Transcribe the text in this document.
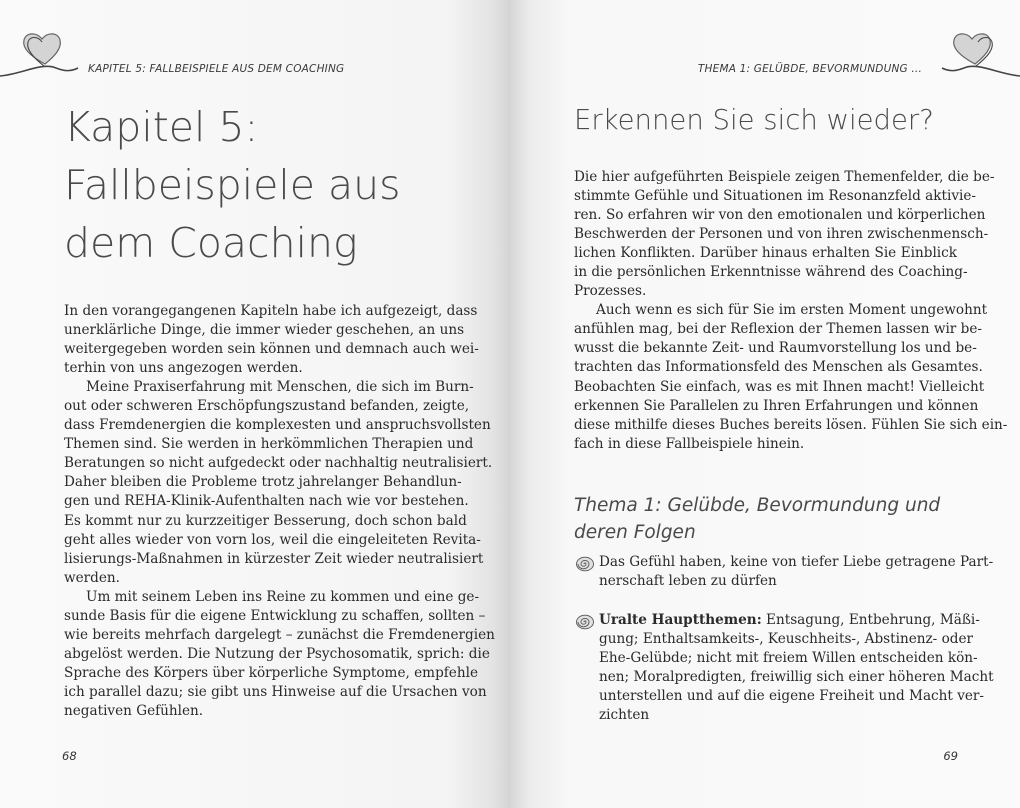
KAPITEL 5: FALLBEISPIELE AUS DEM COACHING
Kapitel 5:
Fallbeispiele aus
dem Coaching
In den vorangegangenen Kapiteln habe ich aufgezeigt, dass
unerklärliche Dinge, die immer wieder geschehen, an uns
weitergegeben worden sein können und demnach auch wei-
terhin von uns angezogen werden.
Meine Praxiserfahrung mit Menschen, die sich im Burn-
out oder schweren Erschöpfungszustand befanden, zeigte,
dass Fremdenergien die komplexesten und anspruchsvollsten
Themen sind. Sie werden in herkömmlichen Therapien und
Beratungen so nicht aufgedeckt oder nachhaltig neutralisiert.
Daher bleiben die Probleme trotz jahrelanger Behandlun-
gen und REHA-Klinik-Aufenthalten nach wie vor bestehen.
Es kommt nur zu kurzzeitiger Besserung, doch schon bald
geht alles wieder von vorn los, weil die eingeleiteten Revita-
lisierungs-Maßnahmen in kürzester Zeit wieder neutralisiert
werden.
Um mit seinem Leben ins Reine zu kommen und eine ge-
sunde Basis für die eigene Entwicklung zu schaffen, sollten –
wie bereits mehrfach dargelegt – zunächst die Fremdenergien
abgelöst werden. Die Nutzung der Psychosomatik, sprich: die
Sprache des Körpers über körperliche Symptome, empfehle
ich parallel dazu; sie gibt uns Hinweise auf die Ursachen von
negativen Gefühlen.
68
THEMA 1: GELÜBDE, BEVORMUNDUNG ...
Erkennen Sie sich wieder?
Die hier aufgeführten Beispiele zeigen Themenfelder, die be-
stimmte Gefühle und Situationen im Resonanzfeld aktivie-
ren. So erfahren wir von den emotionalen und körperlichen
Beschwerden der Personen und von ihren zwischenmensch-
lichen Konflikten. Darüber hinaus erhalten Sie Einblick
in die persönlichen Erkenntnisse während des Coaching-
Prozesses.
Auch wenn es sich für Sie im ersten Moment ungewohnt
anfühlen mag, bei der Reflexion der Themen lassen wir be-
wusst die bekannte Zeit- und Raumvorstellung los und be-
trachten das Informationsfeld des Menschen als Gesamtes.
Beobachten Sie einfach, was es mit Ihnen macht! Vielleicht
erkennen Sie Parallelen zu Ihren Erfahrungen und können
diese mithilfe dieses Buches bereits lösen. Fühlen Sie sich ein-
fach in diese Fallbeispiele hinein.
Thema 1: Gelübde, Bevormundung und
deren Folgen
Das Gefühl haben, keine von tiefer Liebe getragene Part-
nerschaft leben zu dürfen
Uralte Hauptthemen: Entsagung, Entbehrung, Mäßi-
gung; Enthaltsamkeits-, Keuschheits-, Abstinenz- oder
Ehe-Gelübde; nicht mit freiem Willen entscheiden kön-
nen; Moralpredigten, freiwillig sich einer höheren Macht
unterstellen und auf die eigene Freiheit und Macht ver-
zichten
69
